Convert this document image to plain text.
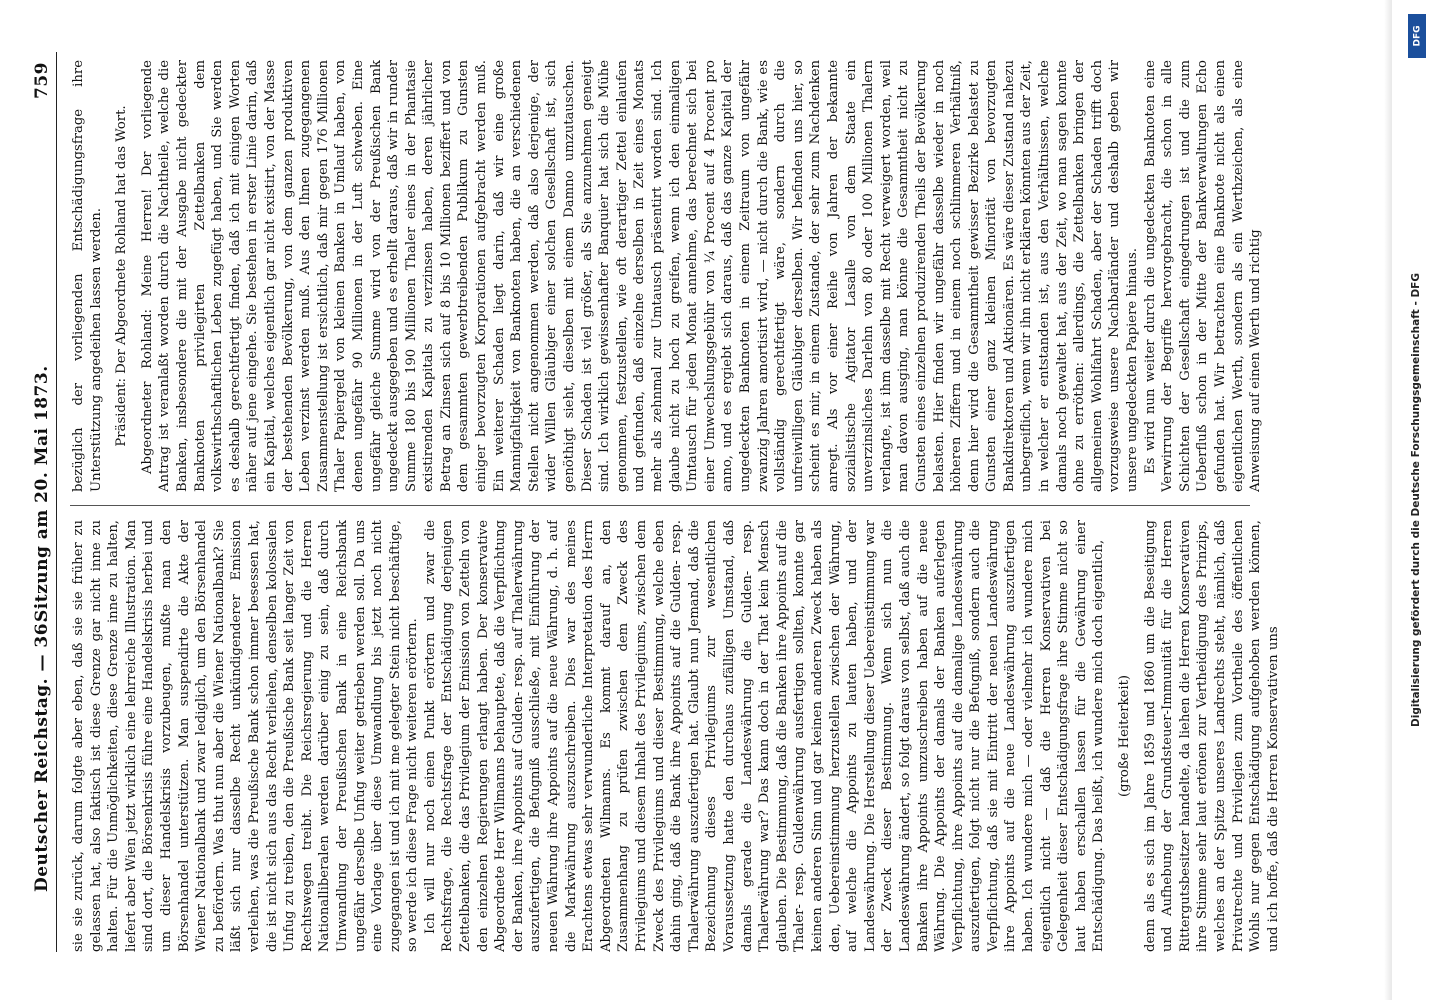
Deutscher Reichstag. — 36.
Sitzung am 20. Mai 1873.
759

sie sie zurück, darum folgte aber eben, daß sie sie früher zu gelassen hat, also faktisch ist diese Grenze gar nicht inne zu halten. Für die Unmöglichkeiten, diese Grenze inne zu halten, liefert aber Wien jetzt wirklich eine lehrreiche Illustration. Man sind dort, die Börsenkrisis führe eine Handelskrisis herbei und um dieser Handelskrisis vorzubeugen, mußte man den Börsenhandel unterstützen. Man suspendirte die Akte der Wiener Nationalbank und zwar lediglich, um den Börsenhandel zu befördern. Was thut nun aber die Wiener Nationalbank? Sie läßt sich nur dasselbe Recht unkündigenderer Emission verleihen, was die Preußische Bank schon immer besessen hat, die ist nicht sich aus das Recht verliehen, denselben kolossalen Unfug zu treiben, den die Preußische Bank seit langer Zeit von Rechtswegen treibt. Die Reichsregierung und die Herren Nationalliberalen werden darüber einig zu sein, daß durch Umwandlung der Preußischen Bank in eine Reichsbank ungefähr derselbe Unfug weiter getrieben werden soll. Da uns eine Vorlage über diese Umwandlung bis jetzt noch nicht zugegangen ist und ich mit me gelegter Stein nicht beschäftige, so werde ich diese Frage nicht weiteren erörtern. Ich will nur noch einen Punkt erörtern und zwar die Rechtsfrage, die Rechtsfrage der Entschädigung derjenigen Zettelbanken, die das Privilegium der Emission von Zetteln von den einzelnen Regierungen erlangt haben. Der konservative Abgeordnete Herr Wilmanns behauptete, daß die Verpflichtung der Banken, ihre Appoints auf Gulden- resp. auf Thalerwährung auszufertigen, die Befugniß ausschließe, mit Einführung der neuen Währung ihre Appoints auf die neue Währung, d. h. auf die Markwährung auszuschreiben. Dies war des meines Erachtens etwas sehr verwunderliche Interpretation des Herrn Abgeordneten Wilmanns. Es kommt darauf an, den Zusammenhang zu prüfen zwischen dem Zweck des Privilegiums und diesem Inhalt des Privilegiums, zwischen dem Zweck des Privilegiums und dieser Bestimmung, welche eben dahin ging, daß die Bank ihre Appoints auf die Gulden- resp. Thalerwährung auszufertigen hat. Glaubt nun Jemand, daß die Bezeichnung dieses Privilegiums zur wesentlichen Voraussetzung hatte den durchaus zufälligen Umstand, daß damals gerade die Landeswährung die Gulden- resp. Thalerwährung war? Das kann doch in der That kein Mensch glauben. Die Bestimmung, daß die Banken ihre Appoints auf die Thaler- resp. Guldenwährung ausfertigen sollten, konnte gar keinen anderen Sinn und gar keinen anderen Zweck haben als den, Uebereinstimmung herzustellen zwischen der Währung, auf welche die Appoints zu lauten haben, und der Landeswährung. Die Herstellung dieser Uebereinstimmung war der Zweck dieser Bestimmung. Wenn sich nun die Landeswährung ändert, so folgt daraus von selbst, daß auch die Banken ihre Appoints umzuschreiben haben auf die neue Währung. Die Appoints der damals der Banken auferlegten Verpflichtung, ihre Appoints auf die damalige Landeswährung auszufertigen, folgt nicht nur die Befugniß, sondern auch die Verpflichtung, daß sie mit Eintritt der neuen Landeswährung ihre Appoints auf die neue Landeswährung auszufertigen haben. Ich wundere mich — oder vielmehr ich wundere mich eigentlich nicht — daß die Herren Konservativen bei Gelegenheit dieser Entschädigungsfrage ihre Stimme nicht so laut haben erschallen lassen für die Gewährung einer Entschädigung. Das heißt, ich wundere mich doch eigentlich, (große Heiterkeit) denn als es sich im Jahre 1859 und 1860 um die Beseitigung und Aufhebung der Grundsteuer-Immunität für die Herren Rittergutsbesitzer handelte, da liehen die Herren Konservativen ihre Stimme sehr laut ertönen zur Vertheidigung des Prinzips, welches an der Spitze unseres Landrechts steht, nämlich, daß Privatrechte und Privilegien zum Vortheile des öffentlichen Wohls nur gegen Entschädigung aufgehoben werden können, und ich hoffe, daß die Herren Konservativen uns

bezüglich der vorliegenden Entschädigungsfrage ihre Unterstützung angedeihen lassen werden. Präsident: Der Abgeordnete Rohland hat das Wort. Abgeordneter Rohland: Meine Herren! Der vorliegende Antrag ist veranlaßt worden durch die Nachtheile, welche die Banken, insbesondere die mit der Ausgabe nicht gedeckter Banknoten privilegirten Zettelbanken dem volkswirthschaftlichen Leben zugefügt haben, und Sie werden es deshalb gerechtfertigt finden, daß ich mit einigen Worten näher auf jene eingehe. Sie bestehen in erster Linie darin, daß ein Kapital, welches eigentlich gar nicht existirt, von der Masse der bestehenden Bevölkerung, von dem ganzen produktiven Leben verzinst werden muß. Aus den Ihnen zugegangenen Zusammenstellung ist ersichtlich, daß mir gegen 176 Millionen Thaler Papiergeld von kleinen Banken in Umlauf haben, von denen ungefähr 90 Millionen in der Luft schweben. Eine ungefähr gleiche Summe wird von der Preußischen Bank ungedeckt ausgegeben und es erhellt daraus, daß wir in runder Summe 180 bis 190 Millionen Thaler eines in der Phantasie existirenden Kapitals zu verzinsen haben, deren jährlicher Betrag an Zinsen sich auf 8 bis 10 Millionen beziffert und von dem gesammten gewerbtreibenden Publikum zu Gunsten einiger bevorzugten Korporationen aufgebracht werden muß. Ein weiterer Schaden liegt darin, daß wir eine große Mannigfaltigkeit von Banknoten haben, die an verschiedenen Stellen nicht angenommen werden, daß also derjenige, der wider Willen Gläubiger einer solchen Gesellschaft ist, sich genöthigt sieht, dieselben mit einem Damno umzutauschen. Dieser Schaden ist viel größer, als Sie anzunehmen geneigt sind. Ich wirklich gewissenhafter Banquier hat sich die Mühe genommen, festzustellen, wie oft derartiger Zettel einlaufen und gefunden, daß einzelne derselben in Zeit eines Monats mehr als zehnmal zur Umtausch präsentirt worden sind. Ich glaube nicht zu hoch zu greifen, wenn ich den einmaligen Umtausch für jeden Monat annehme, das berechnet sich bei einer Umwechslungsgebühr von ¼ Procent auf 4 Procent pro anno, und es ergiebt sich daraus, daß das ganze Kapital der ungedeckten Banknoten in einem Zeitraum von ungefähr zwanzig Jahren amortisirt wird, — nicht durch die Bank, wie es vollständig gerechtfertigt wäre, sondern durch die unfreiwilligen Gläubiger derselben. Wir befinden uns hier, so scheint es mir, in einem Zustande, der sehr zum Nachdenken anregt. Als vor einer Reihe von Jahren der bekannte sozialistische Agitator Lasalle von dem Staate ein unverzinsliches Darlehn von 80 oder 100 Millionen Thalern verlangte, ist ihm dasselbe mit Recht verweigert worden, weil man davon ausging, man könne die Gesammtheit nicht zu Gunsten eines einzelnen produzirenden Theils der Bevölkerung belasten. Hier finden wir ungefähr dasselbe wieder in noch höheren Ziffern und in einem noch schlimmeren Verhältniß, denn hier wird die Gesammtheit gewisser Bezirke belastet zu Gunsten einer ganz kleinen Minorität von bevorzugten Bankdirektoren und Aktionären. Es wäre dieser Zustand nahezu unbegreiflich, wenn wir ihn nicht erklären könnten aus der Zeit, in welcher er entstanden ist, aus den Verhältnissen, welche damals noch gewaltet hat, aus der Zeit, wo man sagen konnte ohne zu erröthen: allerdings, die Zettelbanken bringen der allgemeinen Wohlfahrt Schaden, aber der Schaden trifft doch vorzugsweise unsere Nachbarländer und deshalb geben wir unsere ungedeckten Papiere hinaus. Es wird nun weiter durch die ungedeckten Banknoten eine Verwirrung der Begriffe hervorgebracht, die schon in alle Schichten der Gesellschaft eingedrungen ist und die zum Ueberfluß schon in der Mitte der Bankverwaltungen Echo gefunden hat. Wir betrachten eine Banknote nicht als einen eigentlichen Werth, sondern als ein Werthzeichen, als eine Anweisung auf einen Werth und richtig	Digitalisierung gefördert durch die Deutsche Forschungsgemeinschaft - DFG
DFG
